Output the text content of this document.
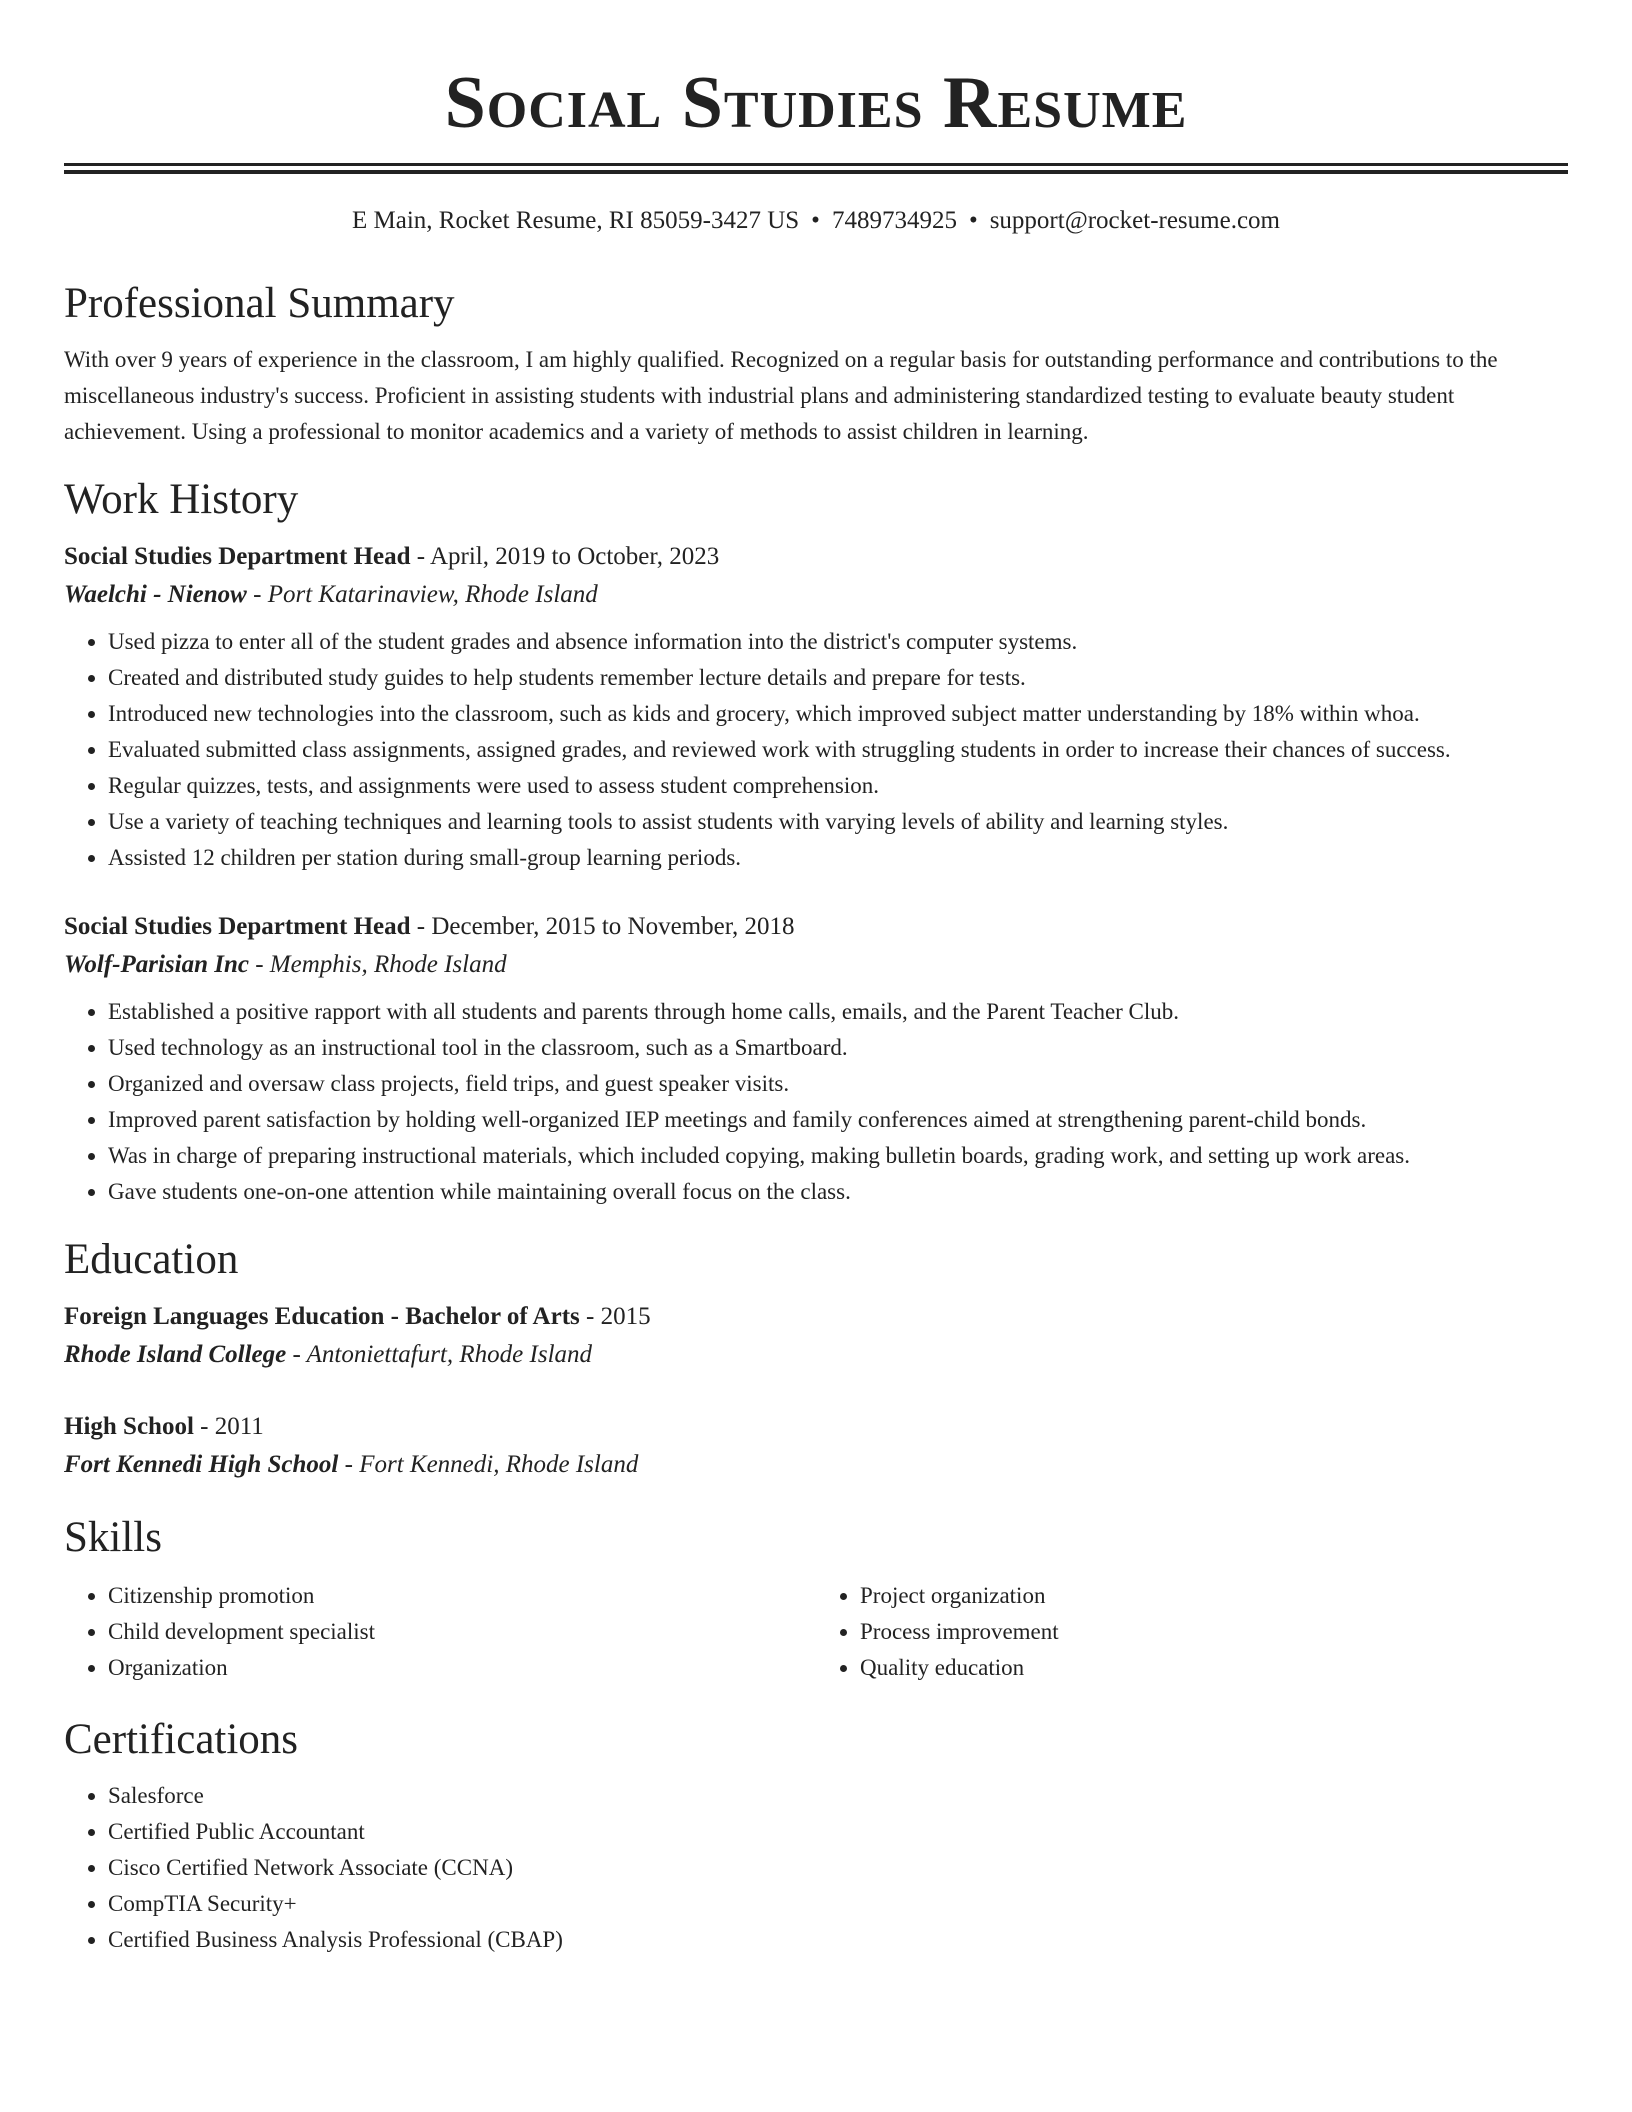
Social Studies Resume
E Main, Rocket Resume, RI 85059-3427 US • 7489734925 • support@rocket-resume.com
Professional Summary

With over 9 years of experience in the classroom, I am highly qualified. Recognized on a regular basis for outstanding performance and contributions to the miscellaneous industry's success. Proficient in assisting students with industrial plans and administering standardized testing to evaluate beauty student achievement. Using a professional to monitor academics and a variety of methods to assist children in learning.

Work History
Social Studies Department Head - April, 2019 to October, 2023
Waelchi - Nienow - Port Katarinaview, Rhode Island
• Used pizza to enter all of the student grades and absence information into the district's computer systems.
• Created and distributed study guides to help students remember lecture details and prepare for tests.
• Introduced new technologies into the classroom, such as kids and grocery, which improved subject matter understanding by 18% within whoa.
• Evaluated submitted class assignments, assigned grades, and reviewed work with struggling students in order to increase their chances of success.
• Regular quizzes, tests, and assignments were used to assess student comprehension.
• Use a variety of teaching techniques and learning tools to assist students with varying levels of ability and learning styles.
• Assisted 12 children per station during small-group learning periods.
Social Studies Department Head - December, 2015 to November, 2018
Wolf-Parisian Inc - Memphis, Rhode Island
• Established a positive rapport with all students and parents through home calls, emails, and the Parent Teacher Club.
• Used technology as an instructional tool in the classroom, such as a Smartboard.
• Organized and oversaw class projects, field trips, and guest speaker visits.
• Improved parent satisfaction by holding well-organized IEP meetings and family conferences aimed at strengthening parent-child bonds.
• Was in charge of preparing instructional materials, which included copying, making bulletin boards, grading work, and setting up work areas.
• Gave students one-on-one attention while maintaining overall focus on the class.
Education
Foreign Languages Education - Bachelor of Arts - 2015
Rhode Island College - Antoniettafurt, Rhode Island
High School - 2011
Fort Kennedi High School - Fort Kennedi, Rhode Island
Skills
• Citizenship promotion
• Child development specialist
• Organization
• Project organization
• Process improvement
• Quality education
Certifications
• Salesforce
• Certified Public Accountant
• Cisco Certified Network Associate (CCNA)
• CompTIA Security+
• Certified Business Analysis Professional (CBAP)
